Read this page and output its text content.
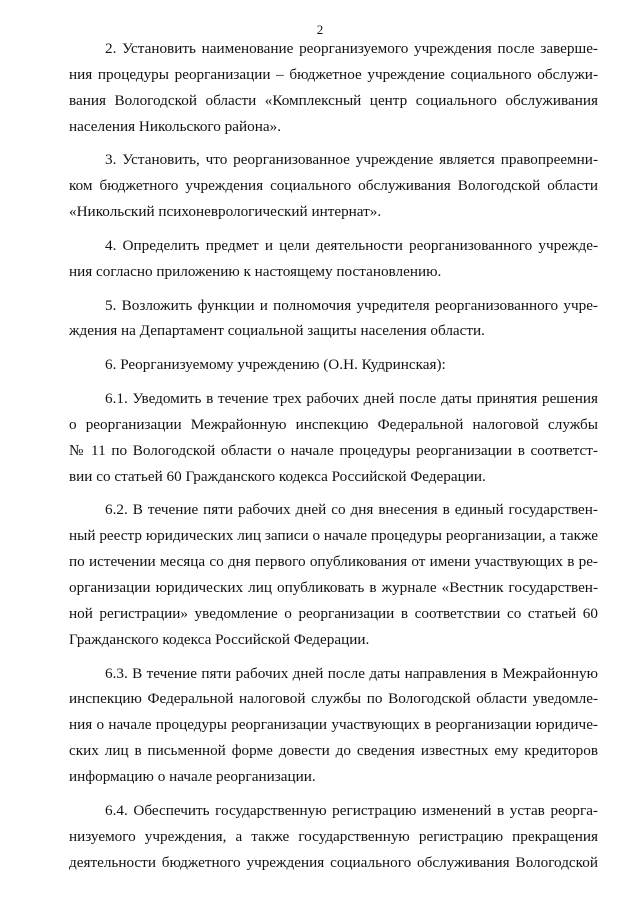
2
2. Установить наименование реорганизуемого учреждения после заверше-
ния процедуры реорганизации – бюджетное учреждение социального обслужи-
вания Вологодской области «Комплексный центр социального обслуживания
населения Никольского района».
3. Установить, что реорганизованное учреждение является правопреемни-
ком бюджетного учреждения социального обслуживания Вологодской области
«Никольский психоневрологический интернат».
4. Определить предмет и цели деятельности реорганизованного учрежде-
ния согласно приложению к настоящему постановлению.
5. Возложить функции и полномочия учредителя реорганизованного учре-
ждения на Департамент социальной защиты населения области.
6. Реорганизуемому учреждению (О.Н. Кудринская):
6.1. Уведомить в течение трех рабочих дней после даты принятия решения
о реорганизации Межрайонную инспекцию Федеральной налоговой службы
№ 11 по Вологодской области о начале процедуры реорганизации в соответст-
вии со статьей 60 Гражданского кодекса Российской Федерации.
6.2. В течение пяти рабочих дней со дня внесения в единый государствен-
ный реестр юридических лиц записи о начале процедуры реорганизации, а также
по истечении месяца со дня первого опубликования от имени участвующих в ре-
организации юридических лиц опубликовать в журнале «Вестник государствен-
ной регистрации» уведомление о реорганизации в соответствии со статьей 60
Гражданского кодекса Российской Федерации.
6.3. В течение пяти рабочих дней после даты направления в Межрайонную
инспекцию Федеральной налоговой службы по Вологодской области уведомле-
ния о начале процедуры реорганизации участвующих в реорганизации юридиче-
ских лиц в письменной форме довести до сведения известных ему кредиторов
информацию о начале реорганизации.
6.4. Обеспечить государственную регистрацию изменений в устав реорга-
низуемого учреждения, а также государственную регистрацию прекращения
деятельности бюджетного учреждения социального обслуживания Вологодской
